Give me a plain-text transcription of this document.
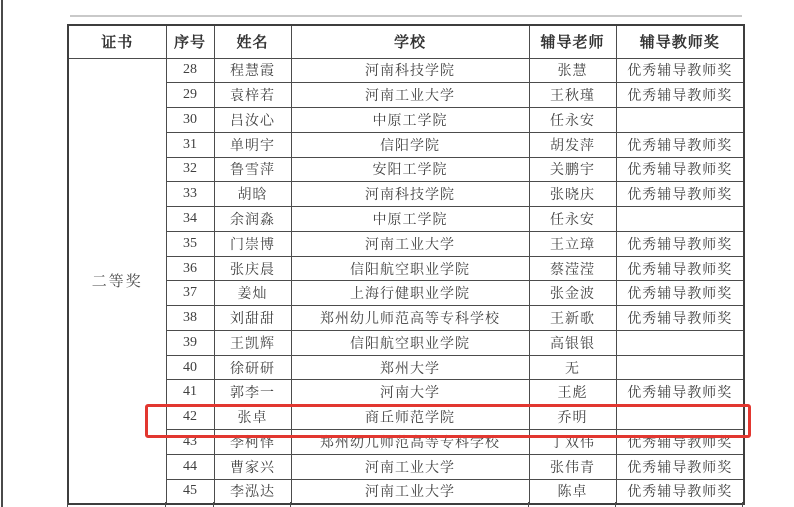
证书	序号	姓名	学校	辅导老师	辅导教师奖
二等奖	28	程慧霞	河南科技学院	张慧	优秀辅导教师奖
	29	袁梓若	河南工业大学	王秋瑾	优秀辅导教师奖
	30	吕汝心	中原工学院	任永安	
	31	单明宇	信阳学院	胡发萍	优秀辅导教师奖
	32	鲁雪萍	安阳工学院	关鹏宇	优秀辅导教师奖
	33	胡晗	河南科技学院	张晓庆	优秀辅导教师奖
	34	余润淼	中原工学院	任永安	
	35	门崇博	河南工业大学	王立璋	优秀辅导教师奖
	36	张庆晨	信阳航空职业学院	蔡滢滢	优秀辅导教师奖
	37	姜灿	上海行健职业学院	张金波	优秀辅导教师奖
	38	刘甜甜	郑州幼儿师范高等专科学校	王新歌	优秀辅导教师奖
	39	王凯辉	信阳航空职业学院	高银银	
	40	徐研研	郑州大学	无	
	41	郭李一	河南大学	王彪	优秀辅导教师奖
	42	张卓	商丘师范学院	乔明	
	43	李柯怿	郑州幼儿师范高等专科学校	丁双伟	优秀辅导教师奖
	44	曹家兴	河南工业大学	张伟青	优秀辅导教师奖
	45	李泓达	河南工业大学	陈卓	优秀辅导教师奖
